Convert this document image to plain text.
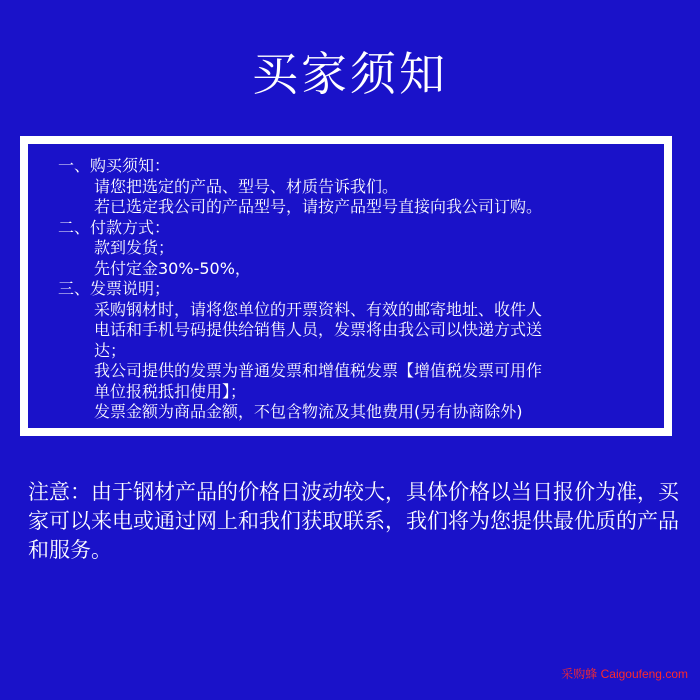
买家须知
一、购买须知：
请您把选定的产品、型号、材质告诉我们。
若已选定我公司的产品型号，请按产品型号直接向我公司订购。
二、付款方式：
款到发货；
先付定金30%-50%，
三、发票说明；
采购钢材时，请将您单位的开票资料、有效的邮寄地址、收件人
电话和手机号码提供给销售人员，发票将由我公司以快递方式送
达；
我公司提供的发票为普通发票和增值税发票【增值税发票可用作
单位报税抵扣使用】；
发票金额为商品金额，不包含物流及其他费用(另有协商除外)
注意：由于钢材产品的价格日波动较大，具体价格以当日报价为准，买家可以来电或通过网上和我们获取联系，我们将为您提供最优质的产品和服务。
采购蜂 Caigoufeng.com
